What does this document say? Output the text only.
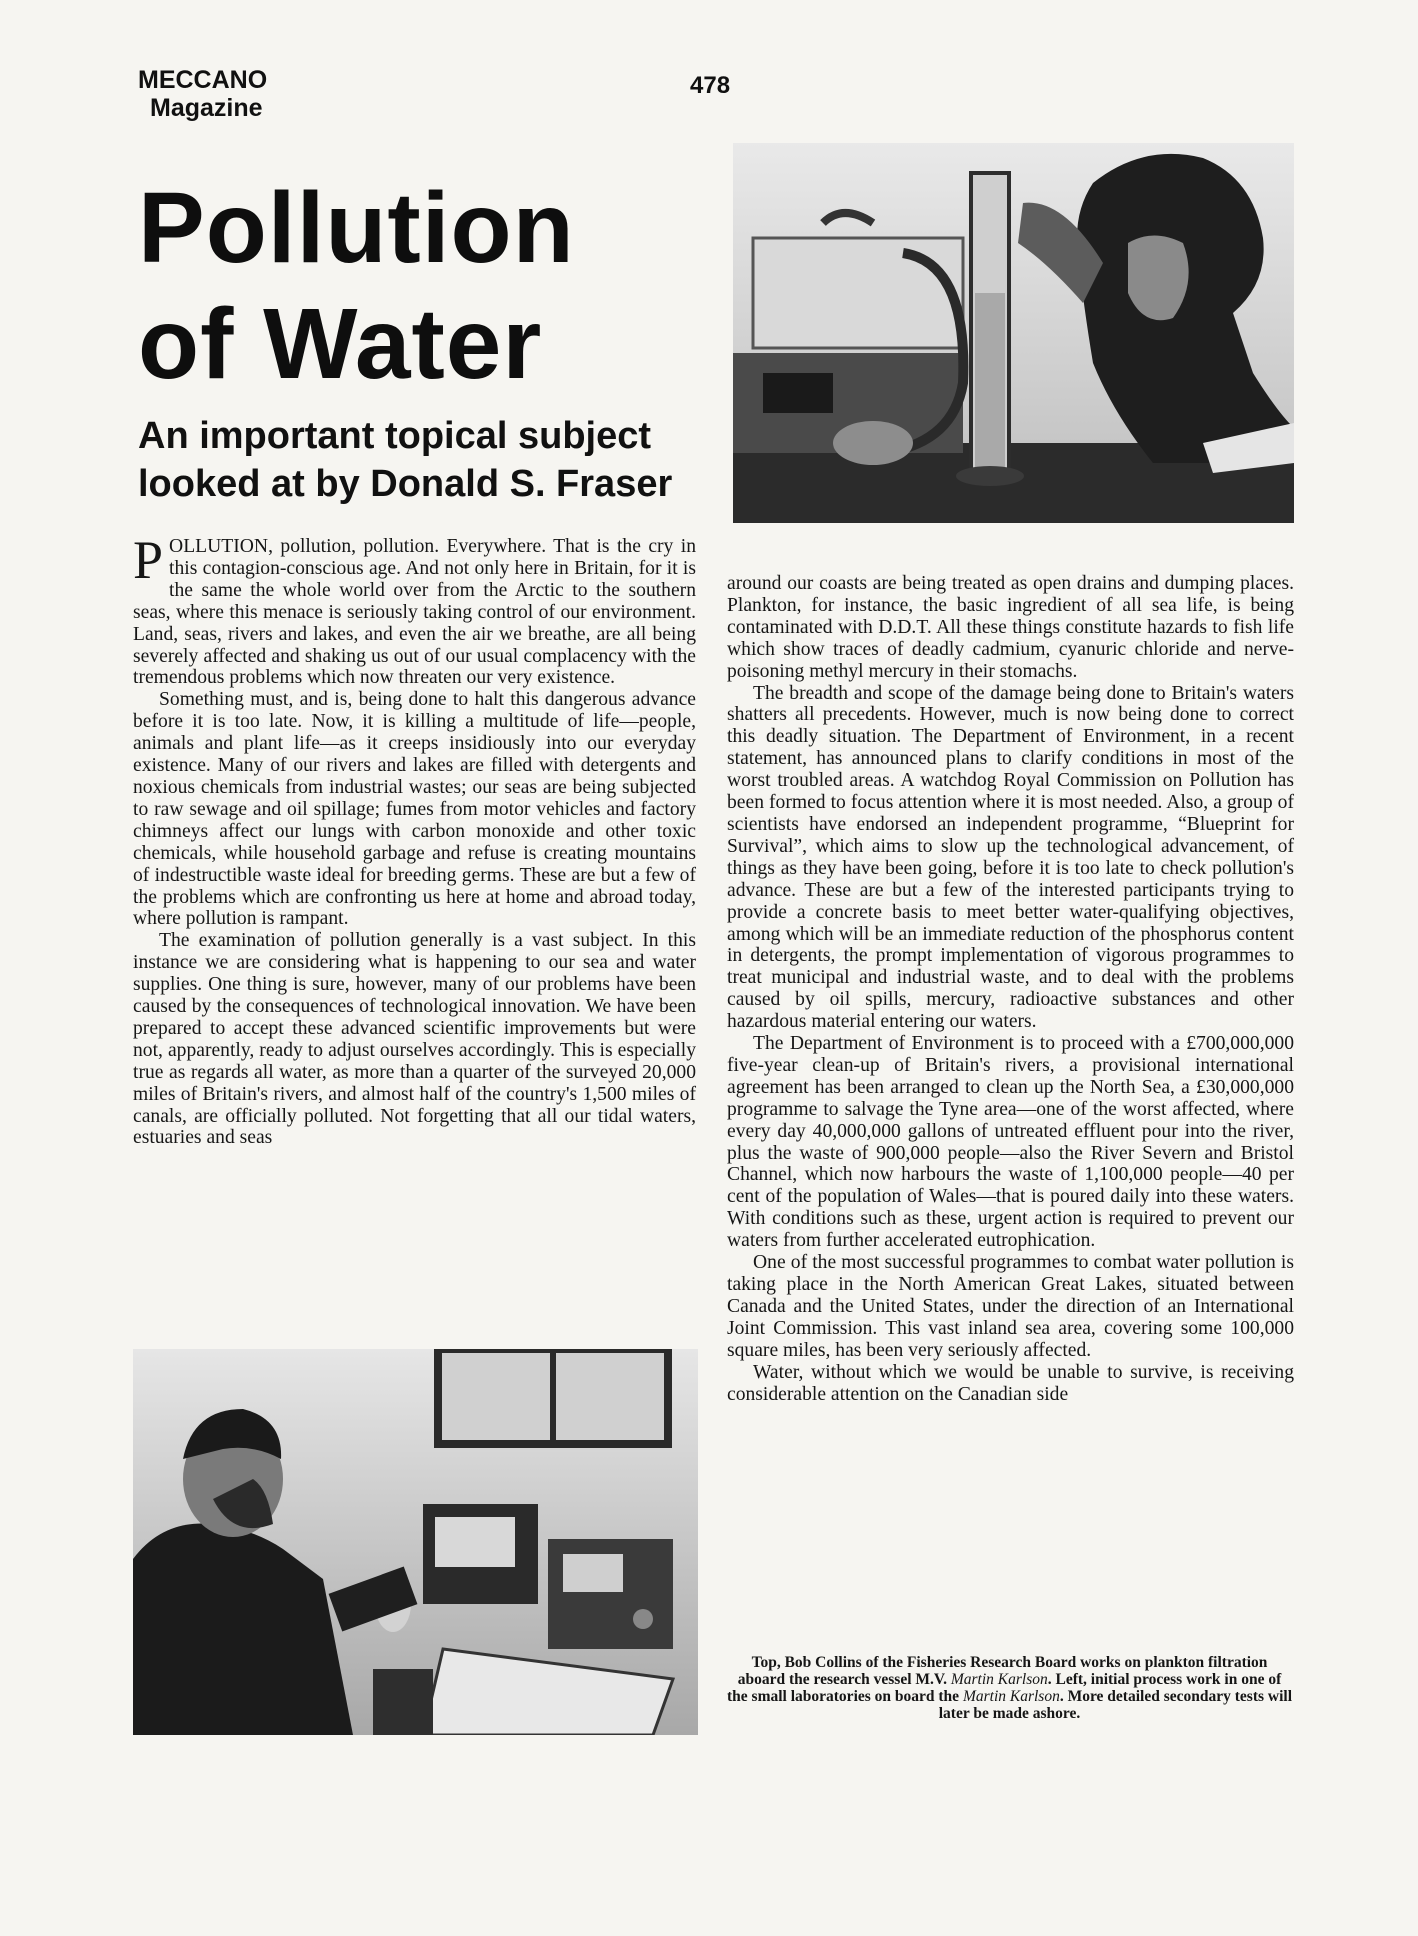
MECCANO
Magazine
478
Pollution
of Water
An important topical subject
looked at by Donald S. Fraser

POLLUTION, pollution, pollution. Everywhere. That is the cry in this contagion-conscious age. And not only here in Britain, for it is the same the whole world over from the Arctic to the southern seas, where this menace is seriously taking control of our environment. Land, seas, rivers and lakes, and even the air we breathe, are all being severely affected and shaking us out of our usual complacency with the tremendous problems which now threaten our very existence.

Something must, and is, being done to halt this dangerous advance before it is too late. Now, it is killing a multitude of life—people, animals and plant life—as it creeps insidiously into our everyday existence. Many of our rivers and lakes are filled with detergents and noxious chemicals from industrial wastes; our seas are being subjected to raw sewage and oil spillage; fumes from motor vehicles and factory chimneys affect our lungs with carbon monoxide and other toxic chemicals, while household garbage and refuse is creating mountains of indestructible waste ideal for breeding germs. These are but a few of the problems which are confronting us here at home and abroad today, where pollution is rampant.

The examination of pollution generally is a vast subject. In this instance we are considering what is happening to our sea and water supplies. One thing is sure, however, many of our problems have been caused by the consequences of technological innovation. We have been prepared to accept these advanced scientific improvements but were not, apparently, ready to adjust ourselves accordingly. This is especially true as regards all water, as more than a quarter of the surveyed 20,000 miles of Britain's rivers, and almost half of the country's 1,500 miles of canals, are officially polluted. Not forgetting that all our tidal waters, estuaries and seas

around our coasts are being treated as open drains and dumping places. Plankton, for instance, the basic ingredient of all sea life, is being contaminated with D.D.T. All these things constitute hazards to fish life which show traces of deadly cadmium, cyanuric chloride and nerve-poisoning methyl mercury in their stomachs.

The breadth and scope of the damage being done to Britain's waters shatters all precedents. However, much is now being done to correct this deadly situation. The Department of Environment, in a recent statement, has announced plans to clarify conditions in most of the worst troubled areas. A watchdog Royal Commission on Pollution has been formed to focus attention where it is most needed. Also, a group of scientists have endorsed an independent programme, “Blueprint for Survival”, which aims to slow up the technological advancement, of things as they have been going, before it is too late to check pollution's advance. These are but a few of the interested participants trying to provide a concrete basis to meet better water-qualifying objectives, among which will be an immediate reduction of the phosphorus content in detergents, the prompt implementation of vigorous programmes to treat municipal and industrial waste, and to deal with the problems caused by oil spills, mercury, radioactive substances and other hazardous material entering our waters.

The Department of Environment is to proceed with a £700,000,000 five-year clean-up of Britain's rivers, a provisional international agreement has been arranged to clean up the North Sea, a £30,000,000 programme to salvage the Tyne area—one of the worst affected, where every day 40,000,000 gallons of untreated effluent pour into the river, plus the waste of 900,000 people—also the River Severn and Bristol Channel, which now harbours the waste of 1,100,000 people—40 per cent of the population of Wales—that is poured daily into these waters. With conditions such as these, urgent action is required to prevent our waters from further accelerated eutrophication.

One of the most successful programmes to combat water pollution is taking place in the North American Great Lakes, situated between Canada and the United States, under the direction of an International Joint Commission. This vast inland sea area, covering some 100,000 square miles, has been very seriously affected.

Water, without which we would be unable to survive, is receiving considerable attention on the Canadian side

Top, Bob Collins of the Fisheries Research Board works on plankton filtration aboard the research vessel M.V. Martin Karlson. Left, initial process work in one of the small laboratories on board the Martin Karlson. More detailed secondary tests will later be made ashore.
